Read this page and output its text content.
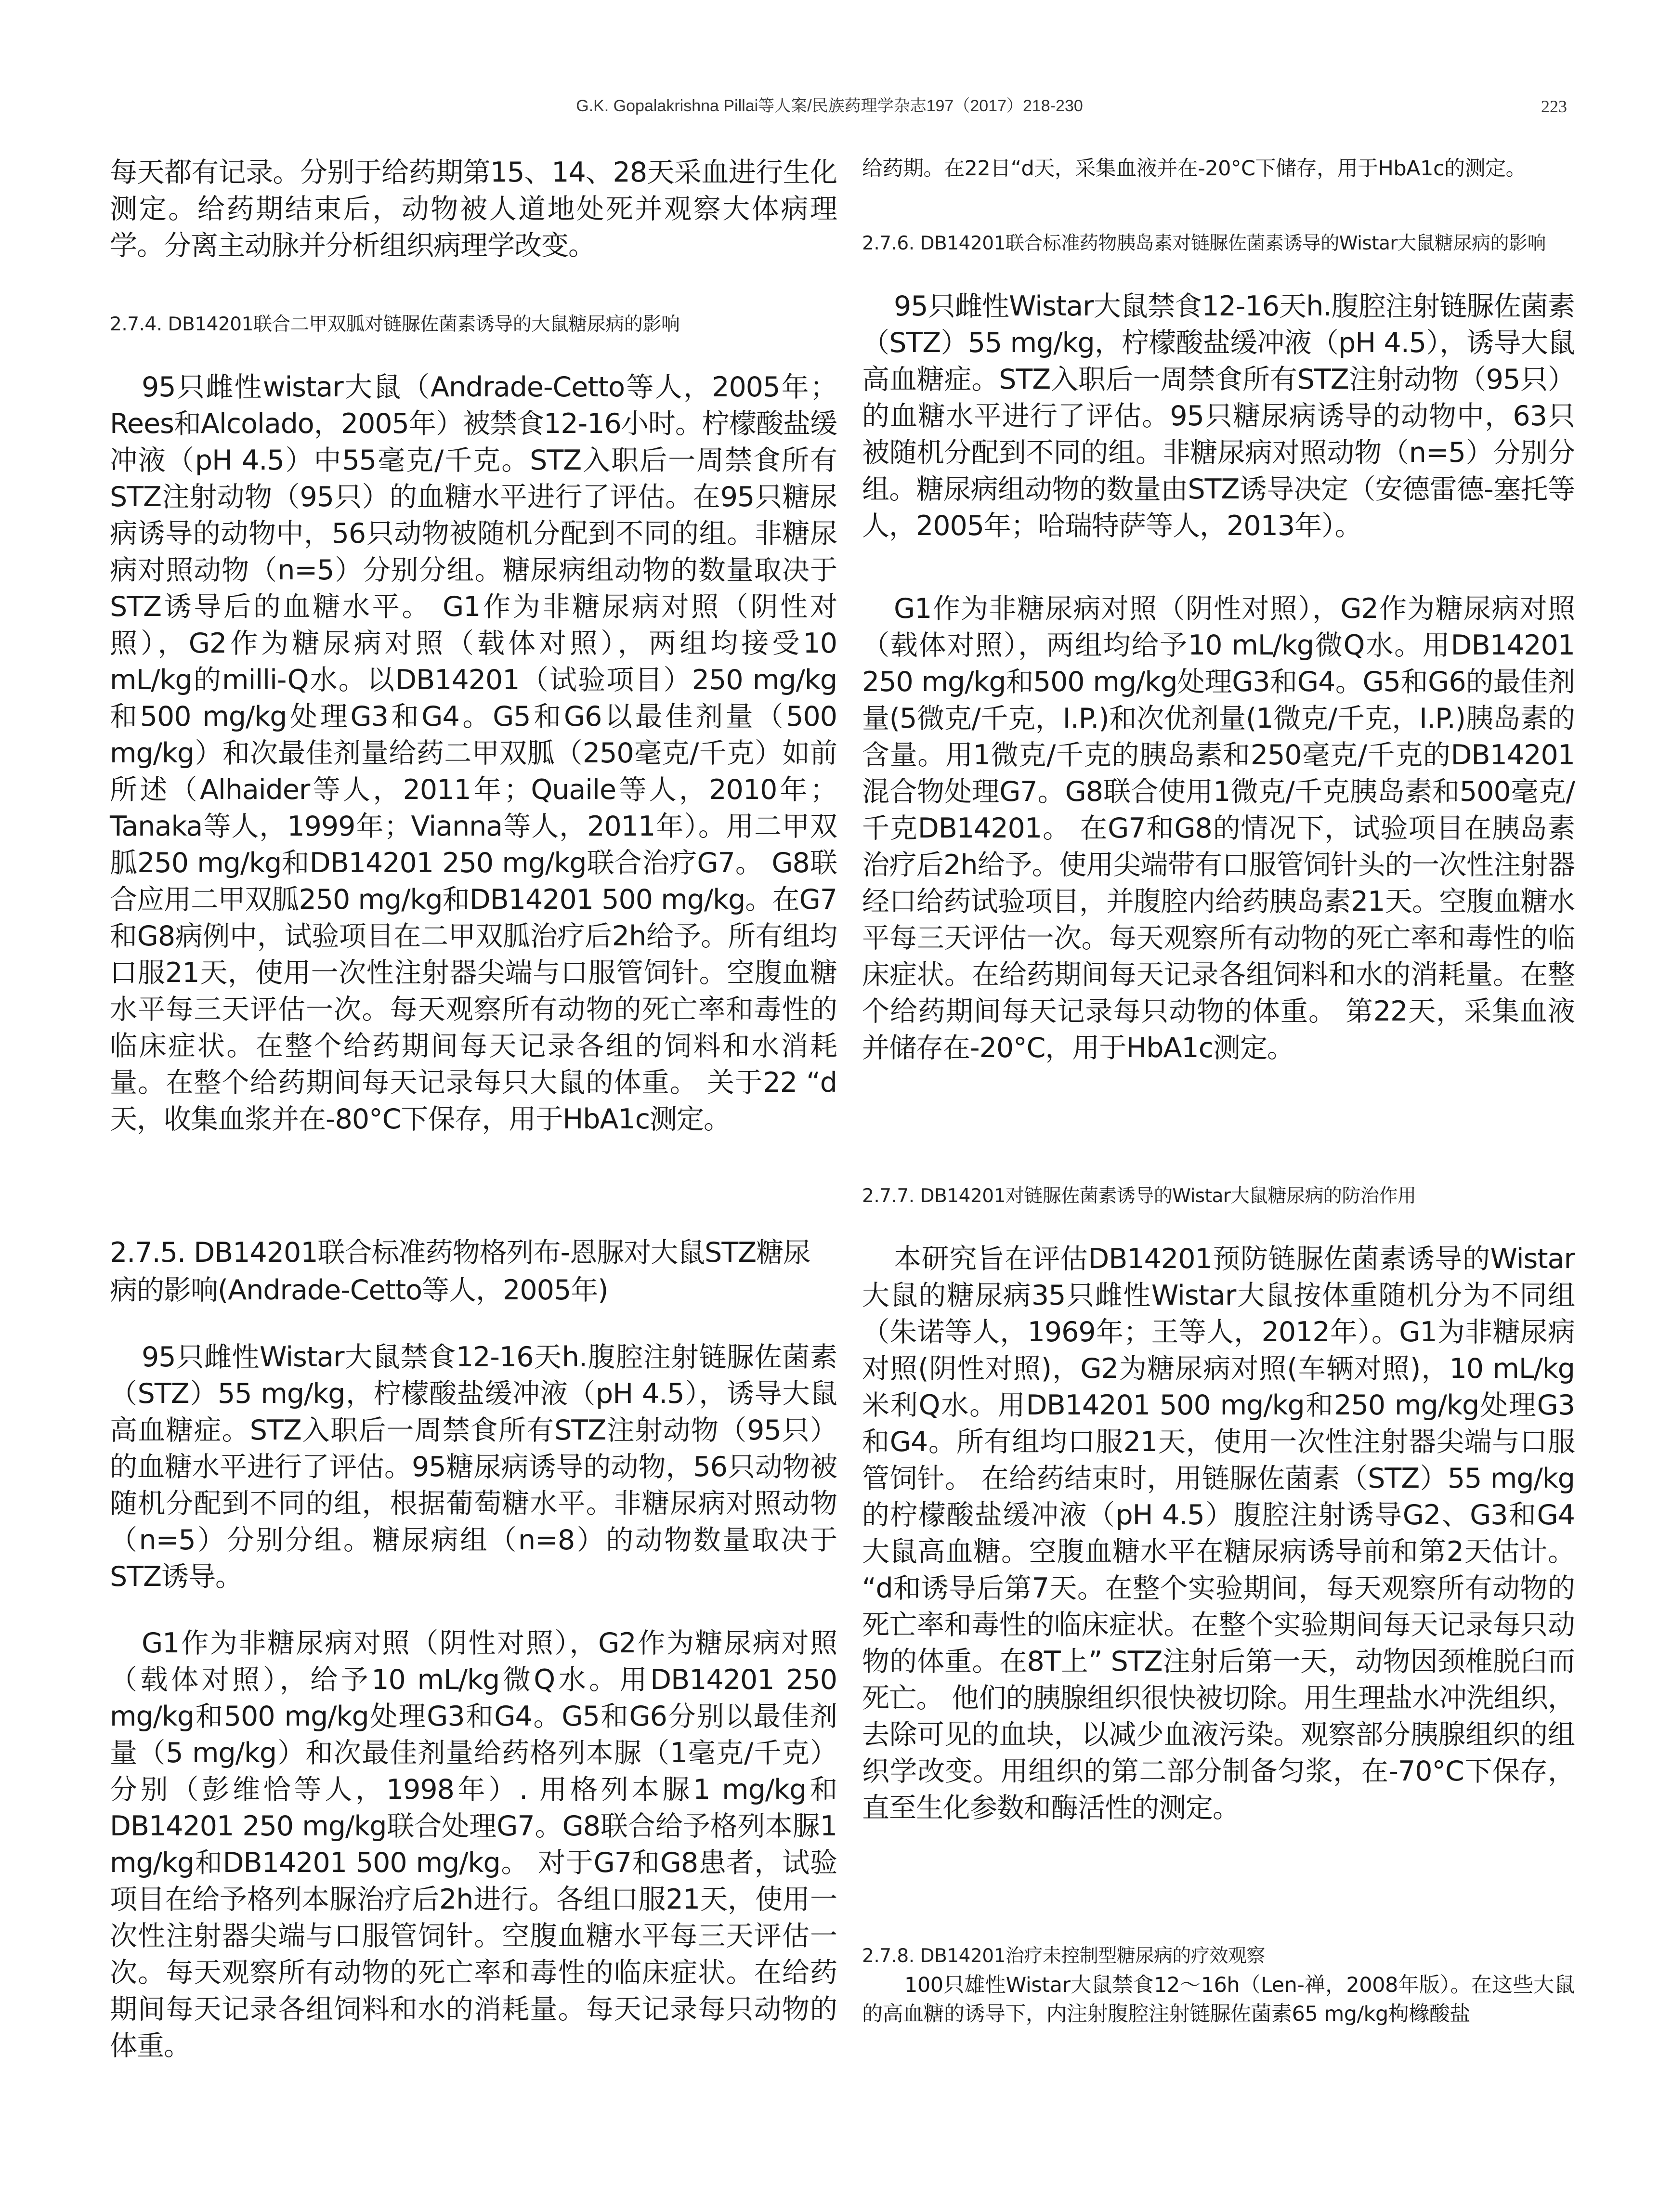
G.K. Gopalakrishna Pillai等人案/民族药理学杂志197（2017）218-230	223

每天都有记录。分别于给药期第15、14、28天采血进行生化测定。给药期结束后，动物被人道地处死并观察大体病理学。分离主动脉并分析组织病理学改变。

2.7.4. DB14201联合二甲双胍对链脲佐菌素诱导的大鼠糖尿病的影响

95只雌性wistar大鼠（Andrade-Cetto等人，2005年；Rees和Alcolado，2005年）被禁食12-16小时。柠檬酸盐缓冲液（pH 4.5）中55毫克/千克。STZ入职后一周禁食所有STZ注射动物（95只）的血糖水平进行了评估。在95只糖尿病诱导的动物中，56只动物被随机分配到不同的组。非糖尿病对照动物（n=5）分别分组。糖尿病组动物的数量取决于STZ诱导后的血糖水平。 G1作为非糖尿病对照（阴性对照），G2作为糖尿病对照（载体对照），两组均接受10 mL/kg的milli-Q水。以DB14201（试验项目）250 mg/kg和500 mg/kg处理G3和G4。G5和G6以最佳剂量（500 mg/kg）和次最佳剂量给药二甲双胍（250毫克/千克）如前所述（Alhaider等人，2011年；Quaile等人，2010年；Tanaka等人，1999年；Vianna等人，2011年）。用二甲双胍250 mg/kg和DB14201 250 mg/kg联合治疗G7。 G8联合应用二甲双胍250 mg/kg和DB14201 500 mg/kg。在G7和G8病例中，试验项目在二甲双胍治疗后2h给予。所有组均口服21天，使用一次性注射器尖端与口服管饲针。空腹血糖水平每三天评估一次。每天观察所有动物的死亡率和毒性的临床症状。在整个给药期间每天记录各组的饲料和水消耗量。在整个给药期间每天记录每只大鼠的体重。 关于22 “d天，收集血浆并在-80°C下保存，用于HbA1c测定。

2.7.5. DB14201联合标准药物格列布-恩脲对大鼠STZ糖尿病的影响(Andrade-Cetto等人，2005年)

95只雌性Wistar大鼠禁食12-16天h.腹腔注射链脲佐菌素（STZ）55 mg/kg，柠檬酸盐缓冲液（pH 4.5），诱导大鼠高血糖症。STZ入职后一周禁食所有STZ注射动物（95只）的血糖水平进行了评估。95糖尿病诱导的动物，56只动物被随机分配到不同的组，根据葡萄糖水平。非糖尿病对照动物（n=5）分别分组。糖尿病组（n=8）的动物数量取决于STZ诱导。

G1作为非糖尿病对照（阴性对照），G2作为糖尿病对照（载体对照），给予10 mL/kg微Q水。用DB14201 250 mg/kg和500 mg/kg处理G3和G4。G5和G6分别以最佳剂量（5 mg/kg）和次最佳剂量给药格列本脲（1毫克/千克）分别（彭维恰等人，1998年）. 用格列本脲1 mg/kg和DB14201 250 mg/kg联合处理G7。G8联合给予格列本脲1 mg/kg和DB14201 500 mg/kg。 对于G7和G8患者，试验项目在给予格列本脲治疗后2h进行。各组口服21天，使用一次性注射器尖端与口服管饲针。空腹血糖水平每三天评估一次。每天观察所有动物的死亡率和毒性的临床症状。在给药期间每天记录各组饲料和水的消耗量。每天记录每只动物的体重。

给药期。在22日“d天，采集血液并在-20°C下储存，用于HbA1c的测定。

2.7.6. DB14201联合标准药物胰岛素对链脲佐菌素诱导的Wistar大鼠糖尿病的影响

95只雌性Wistar大鼠禁食12-16天h.腹腔注射链脲佐菌素（STZ）55 mg/kg，柠檬酸盐缓冲液（pH 4.5），诱导大鼠高血糖症。STZ入职后一周禁食所有STZ注射动物（95只）的血糖水平进行了评估。95只糖尿病诱导的动物中，63只被随机分配到不同的组。非糖尿病对照动物（n=5）分别分组。糖尿病组动物的数量由STZ诱导决定（安德雷德-塞托等人，2005年；哈瑞特萨等人，2013年）。

G1作为非糖尿病对照（阴性对照），G2作为糖尿病对照（载体对照），两组均给予10 mL/kg微Q水。用DB14201 250 mg/kg和500 mg/kg处理G3和G4。G5和G6的最佳剂量(5微克/千克，I.P.)和次优剂量(1微克/千克，I.P.)胰岛素的含量。用1微克/千克的胰岛素和250毫克/千克的DB14201混合物处理G7。G8联合使用1微克/千克胰岛素和500毫克/千克DB14201。 在G7和G8的情况下，试验项目在胰岛素治疗后2h给予。使用尖端带有口服管饲针头的一次性注射器经口给药试验项目，并腹腔内给药胰岛素21天。空腹血糖水平每三天评估一次。每天观察所有动物的死亡率和毒性的临床症状。在给药期间每天记录各组饲料和水的消耗量。在整个给药期间每天记录每只动物的体重。 第22天，采集血液并储存在-20°C，用于HbA1c测定。

2.7.7. DB14201对链脲佐菌素诱导的Wistar大鼠糖尿病的防治作用

本研究旨在评估DB14201预防链脲佐菌素诱导的Wistar大鼠的糖尿病35只雌性Wistar大鼠按体重随机分为不同组（朱诺等人，1969年；王等人，2012年）。G1为非糖尿病对照(阴性对照)，G2为糖尿病对照(车辆对照)，10 mL/kg米利Q水。用DB14201 500 mg/kg和250 mg/kg处理G3和G4。所有组均口服21天，使用一次性注射器尖端与口服管饲针。 在给药结束时，用链脲佐菌素（STZ）55 mg/kg的柠檬酸盐缓冲液（pH 4.5）腹腔注射诱导G2、G3和G4大鼠高血糖。空腹血糖水平在糖尿病诱导前和第2天估计。 “d和诱导后第7天。在整个实验期间，每天观察所有动物的死亡率和毒性的临床症状。在整个实验期间每天记录每只动物的体重。在8T上” STZ注射后第一天，动物因颈椎脱臼而死亡。 他们的胰腺组织很快被切除。用生理盐水冲洗组织，去除可见的血块，以减少血液污染。观察部分胰腺组织的组织学改变。用组织的第二部分制备匀浆，在-70°C下保存，直至生化参数和酶活性的测定。

2.7.8. DB14201治疗未控制型糖尿病的疗效观察

100只雄性Wistar大鼠禁食12～16h（Len-禅，2008年版）。在这些大鼠的高血糖的诱导下，内注射腹腔注射链脲佐菌素65 mg/kg枸橼酸盐
